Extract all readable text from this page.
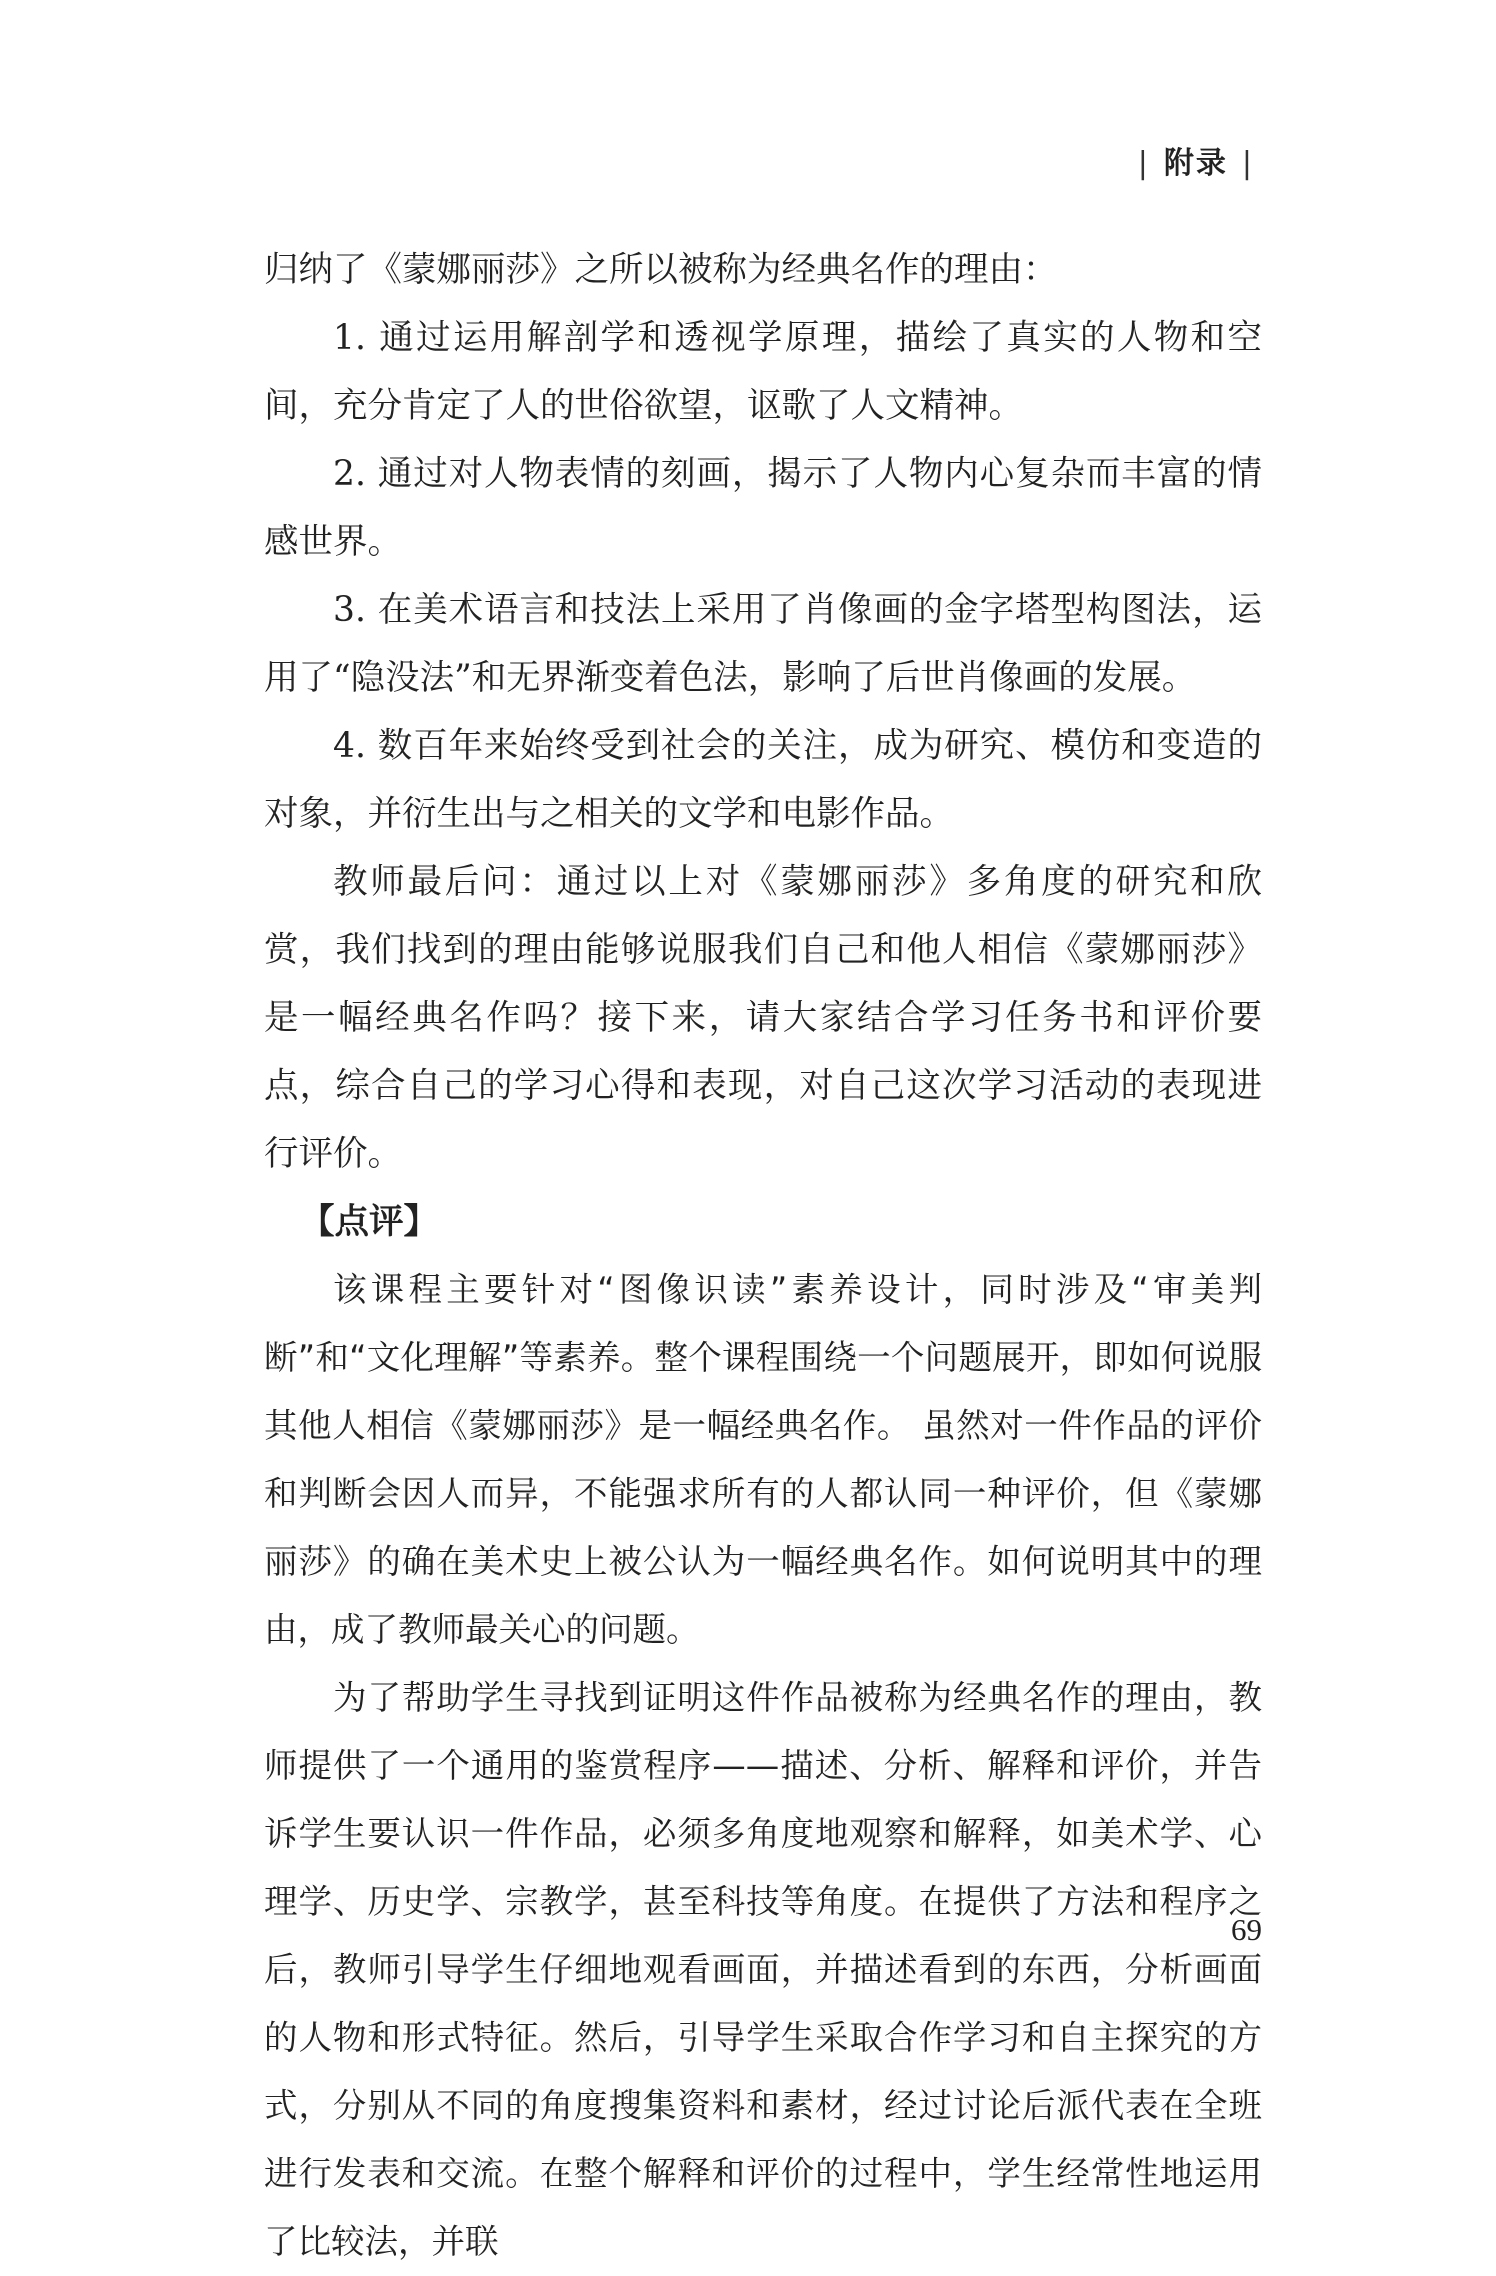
| 附录 |

归纳了《蒙娜丽莎》之所以被称为经典名作的理由：

1. 通过运用解剖学和透视学原理，描绘了真实的人物和空间，充分肯定了人的世俗欲望，讴歌了人文精神。

2. 通过对人物表情的刻画，揭示了人物内心复杂而丰富的情感世界。

3. 在美术语言和技法上采用了肖像画的金字塔型构图法，运用了“隐没法”和无界渐变着色法，影响了后世肖像画的发展。

4. 数百年来始终受到社会的关注，成为研究、模仿和变造的对象，并衍生出与之相关的文学和电影作品。

教师最后问：通过以上对《蒙娜丽莎》多角度的研究和欣赏，我们找到的理由能够说服我们自己和他人相信《蒙娜丽莎》是一幅经典名作吗？接下来，请大家结合学习任务书和评价要点，综合自己的学习心得和表现，对自己这次学习活动的表现进行评价。

【点评】

该课程主要针对“图像识读”素养设计，同时涉及“审美判断”和“文化理解”等素养。整个课程围绕一个问题展开，即如何说服其他人相信《蒙娜丽莎》是一幅经典名作。 虽然对一件作品的评价和判断会因人而异，不能强求所有的人都认同一种评价，但《蒙娜丽莎》的确在美术史上被公认为一幅经典名作。如何说明其中的理由，成了教师最关心的问题。

为了帮助学生寻找到证明这件作品被称为经典名作的理由，教师提供了一个通用的鉴赏程序——描述、分析、解释和评价，并告诉学生要认识一件作品，必须多角度地观察和解释，如美术学、心理学、历史学、宗教学，甚至科技等角度。在提供了方法和程序之后，教师引导学生仔细地观看画面，并描述看到的东西，分析画面的人物和形式特征。然后，引导学生采取合作学习和自主探究的方式，分别从不同的角度搜集资料和素材，经过讨论后派代表在全班进行发表和交流。在整个解释和评价的过程中，学生经常性地运用了比较法，并联

69
